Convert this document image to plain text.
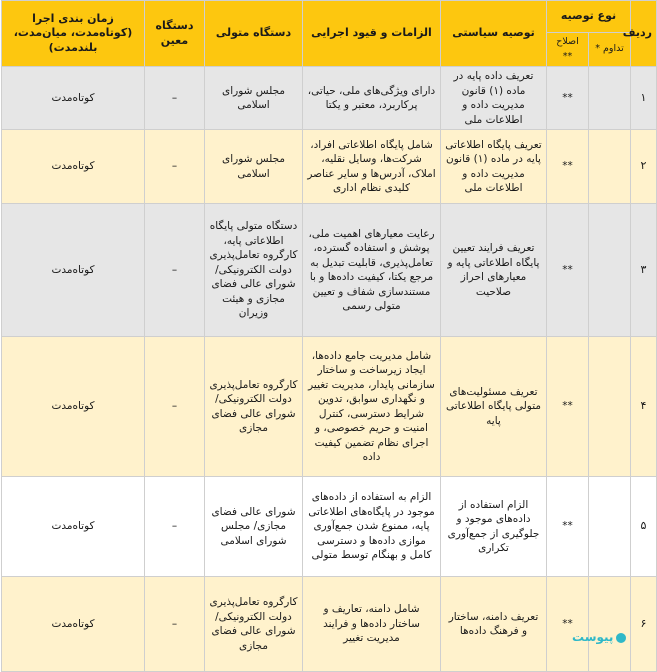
ردیف	نوع توصیه		توصیه سیاستی	الزامات و قیود اجرایی	دستگاه متولی	دستگاه معین	زمان بندی اجرا (کوتاه‌مدت، میان‌مدت، بلندمدت)
	تداوم *	اصلاح **					
۱		**	تعریف داده پایه در ماده (۱) قانون مدیریت داده و اطلاعات ملی	دارای ویژگی‌های ملی، حیاتی، پرکاربرد، معتبر و یکتا	مجلس شورای اسلامی	–	کوتاه‌مدت
۲		**	تعریف پایگاه اطلاعاتی پایه در ماده (۱) قانون مدیریت داده و اطلاعات ملی	شامل پایگاه اطلاعاتی افراد، شرکت‌ها، وسایل نقلیه، املاک، آدرس‌ها و سایر عناصر کلیدی نظام اداری	مجلس شورای اسلامی	–	کوتاه‌مدت
۳		**	تعریف فرایند تعیین پایگاه اطلاعاتی پایه و معیارهای احراز صلاحیت	رعایت معیارهای اهمیت ملی، پوشش و استفاده گسترده، تعامل‌پذیری، قابلیت تبدیل به مرجع یکتا، کیفیت داده‌ها و با مستندسازی شفاف و تعیین متولی رسمی	دستگاه متولی پایگاه اطلاعاتی پایه، کارگروه تعامل‌پذیری دولت الکترونیکی/ شورای عالی فضای مجازی و هیئت وزیران	–	کوتاه‌مدت
۴		**	تعریف مسئولیت‌های متولی پایگاه اطلاعاتی پایه	شامل مدیریت جامع داده‌ها، ایجاد زیرساخت و ساختار سازمانی پایدار، مدیریت تغییر و نگهداری سوابق، تدوین شرایط دسترسی، کنترل امنیت و حریم خصوصی، و اجرای نظام تضمین کیفیت داده	کارگروه تعامل‌پذیری دولت الکترونیکی/ شورای عالی فضای مجازی	–	کوتاه‌مدت
۵		**	الزام استفاده از داده‌های موجود و جلوگیری از جمع‌آوری تکراری	الزام به استفاده از داده‌های موجود در پایگاه‌های اطلاعاتی پایه، ممنوع شدن جمع‌آوری موازی داده‌ها و دسترسی کامل و بهنگام توسط متولی	شورای عالی فضای مجازی/ مجلس شورای اسلامی	–	کوتاه‌مدت
۶		**	تعریف دامنه، ساختار و فرهنگ داده‌ها	شامل دامنه، تعاریف و ساختار داده‌ها و فرایند مدیریت تغییر	کارگروه تعامل‌پذیری دولت الکترونیکی/ شورای عالی فضای مجازی	–	کوتاه‌مدت
پیوست
